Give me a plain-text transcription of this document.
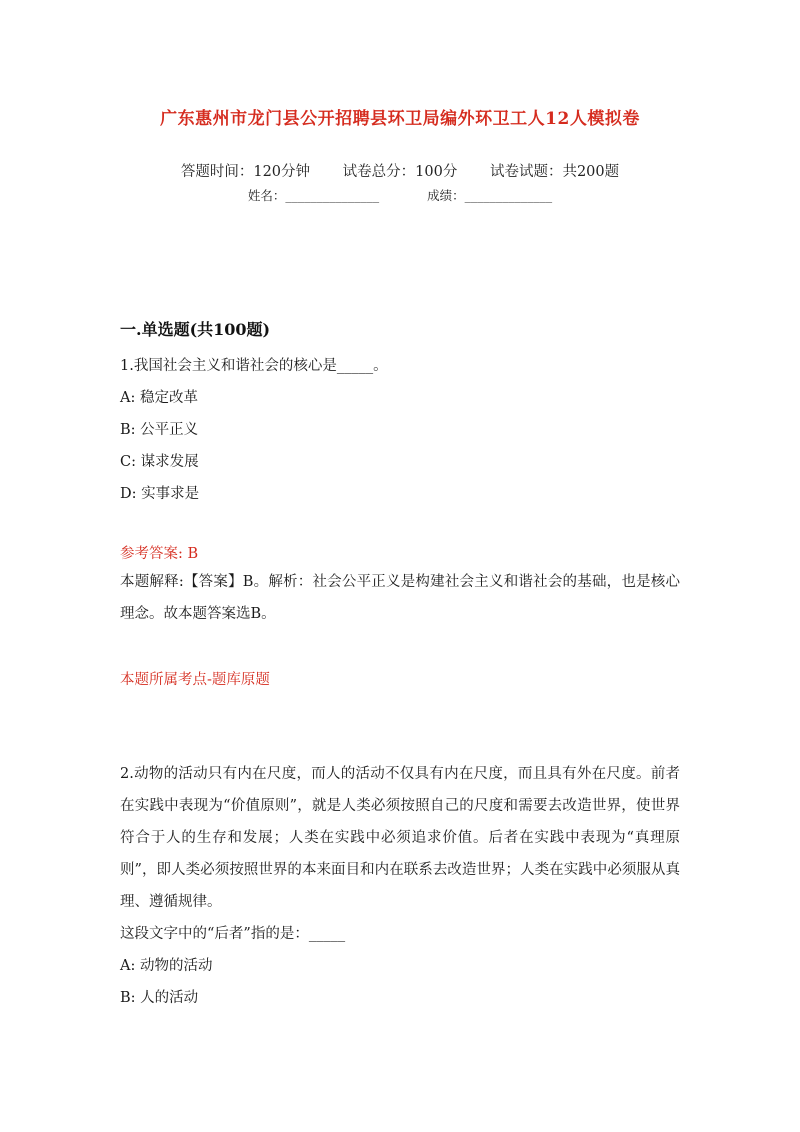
广东惠州市龙门县公开招聘县环卫局编外环卫工人12人模拟卷
答题时间：120分钟 试卷总分：100分 试卷试题：共200题
姓名：_______________	成绩：______________
一.单选题(共100题)
1.我国社会主义和谐社会的核心是_____。
A: 稳定改革
B: 公平正义
C: 谋求发展
D: 实事求是
参考答案: B
本题解释:【答案】B。解析：社会公平正义是构建社会主义和谐社会的基础，也是核心理念。故本题答案选B。
本题所属考点-题库原题
2.动物的活动只有内在尺度，而人的活动不仅具有内在尺度，而且具有外在尺度。前者在实践中表现为“价值原则”，就是人类必须按照自己的尺度和需要去改造世界，使世界符合于人的生存和发展；人类在实践中必须追求价值。后者在实践中表现为“真理原则”，即人类必须按照世界的本来面目和内在联系去改造世界；人类在实践中必须服从真理、遵循规律。
这段文字中的“后者”指的是：_____
A: 动物的活动
B: 人的活动
